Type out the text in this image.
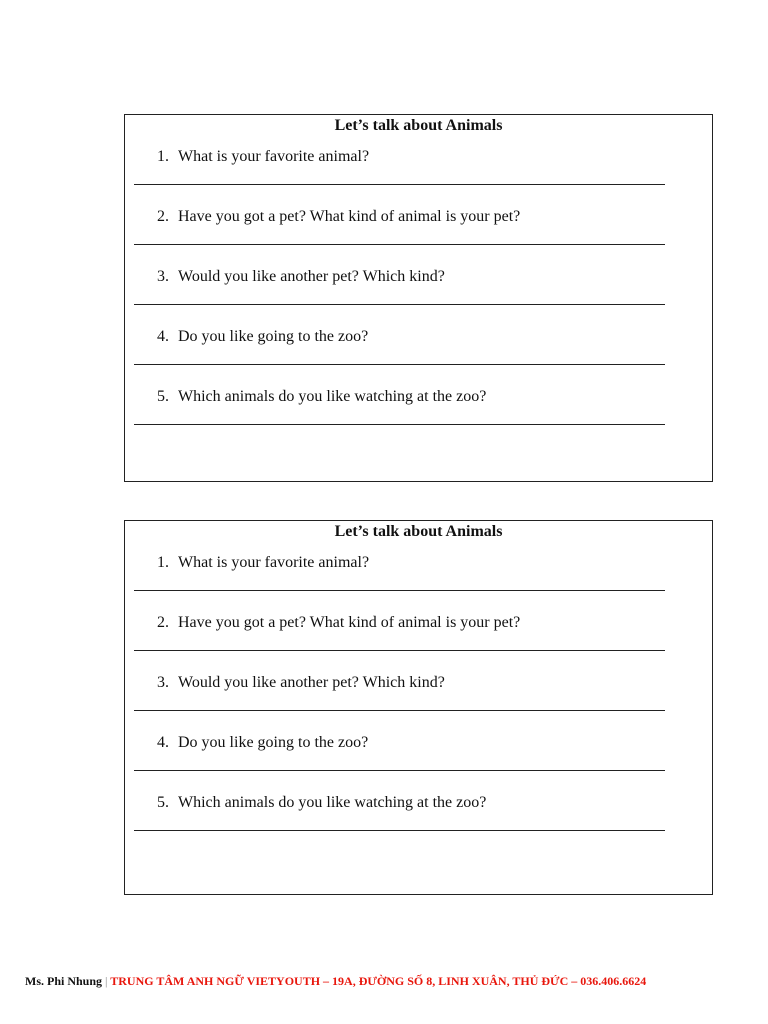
Let’s talk about Animals
1. What is your favorite animal?
2. Have you got a pet? What kind of animal is your pet?
3. Would you like another pet? Which kind?
4. Do you like going to the zoo?
5. Which animals do you like watching at the zoo?
Let’s talk about Animals
1. What is your favorite animal?
2. Have you got a pet? What kind of animal is your pet?
3. Would you like another pet? Which kind?
4. Do you like going to the zoo?
5. Which animals do you like watching at the zoo?
Ms. Phi Nhung | TRUNG TÂM ANH NGỮ VIETYOUTH – 19A, ĐƯỜNG SỐ 8, LINH XUÂN, THỦ ĐỨC – 036.406.6624
